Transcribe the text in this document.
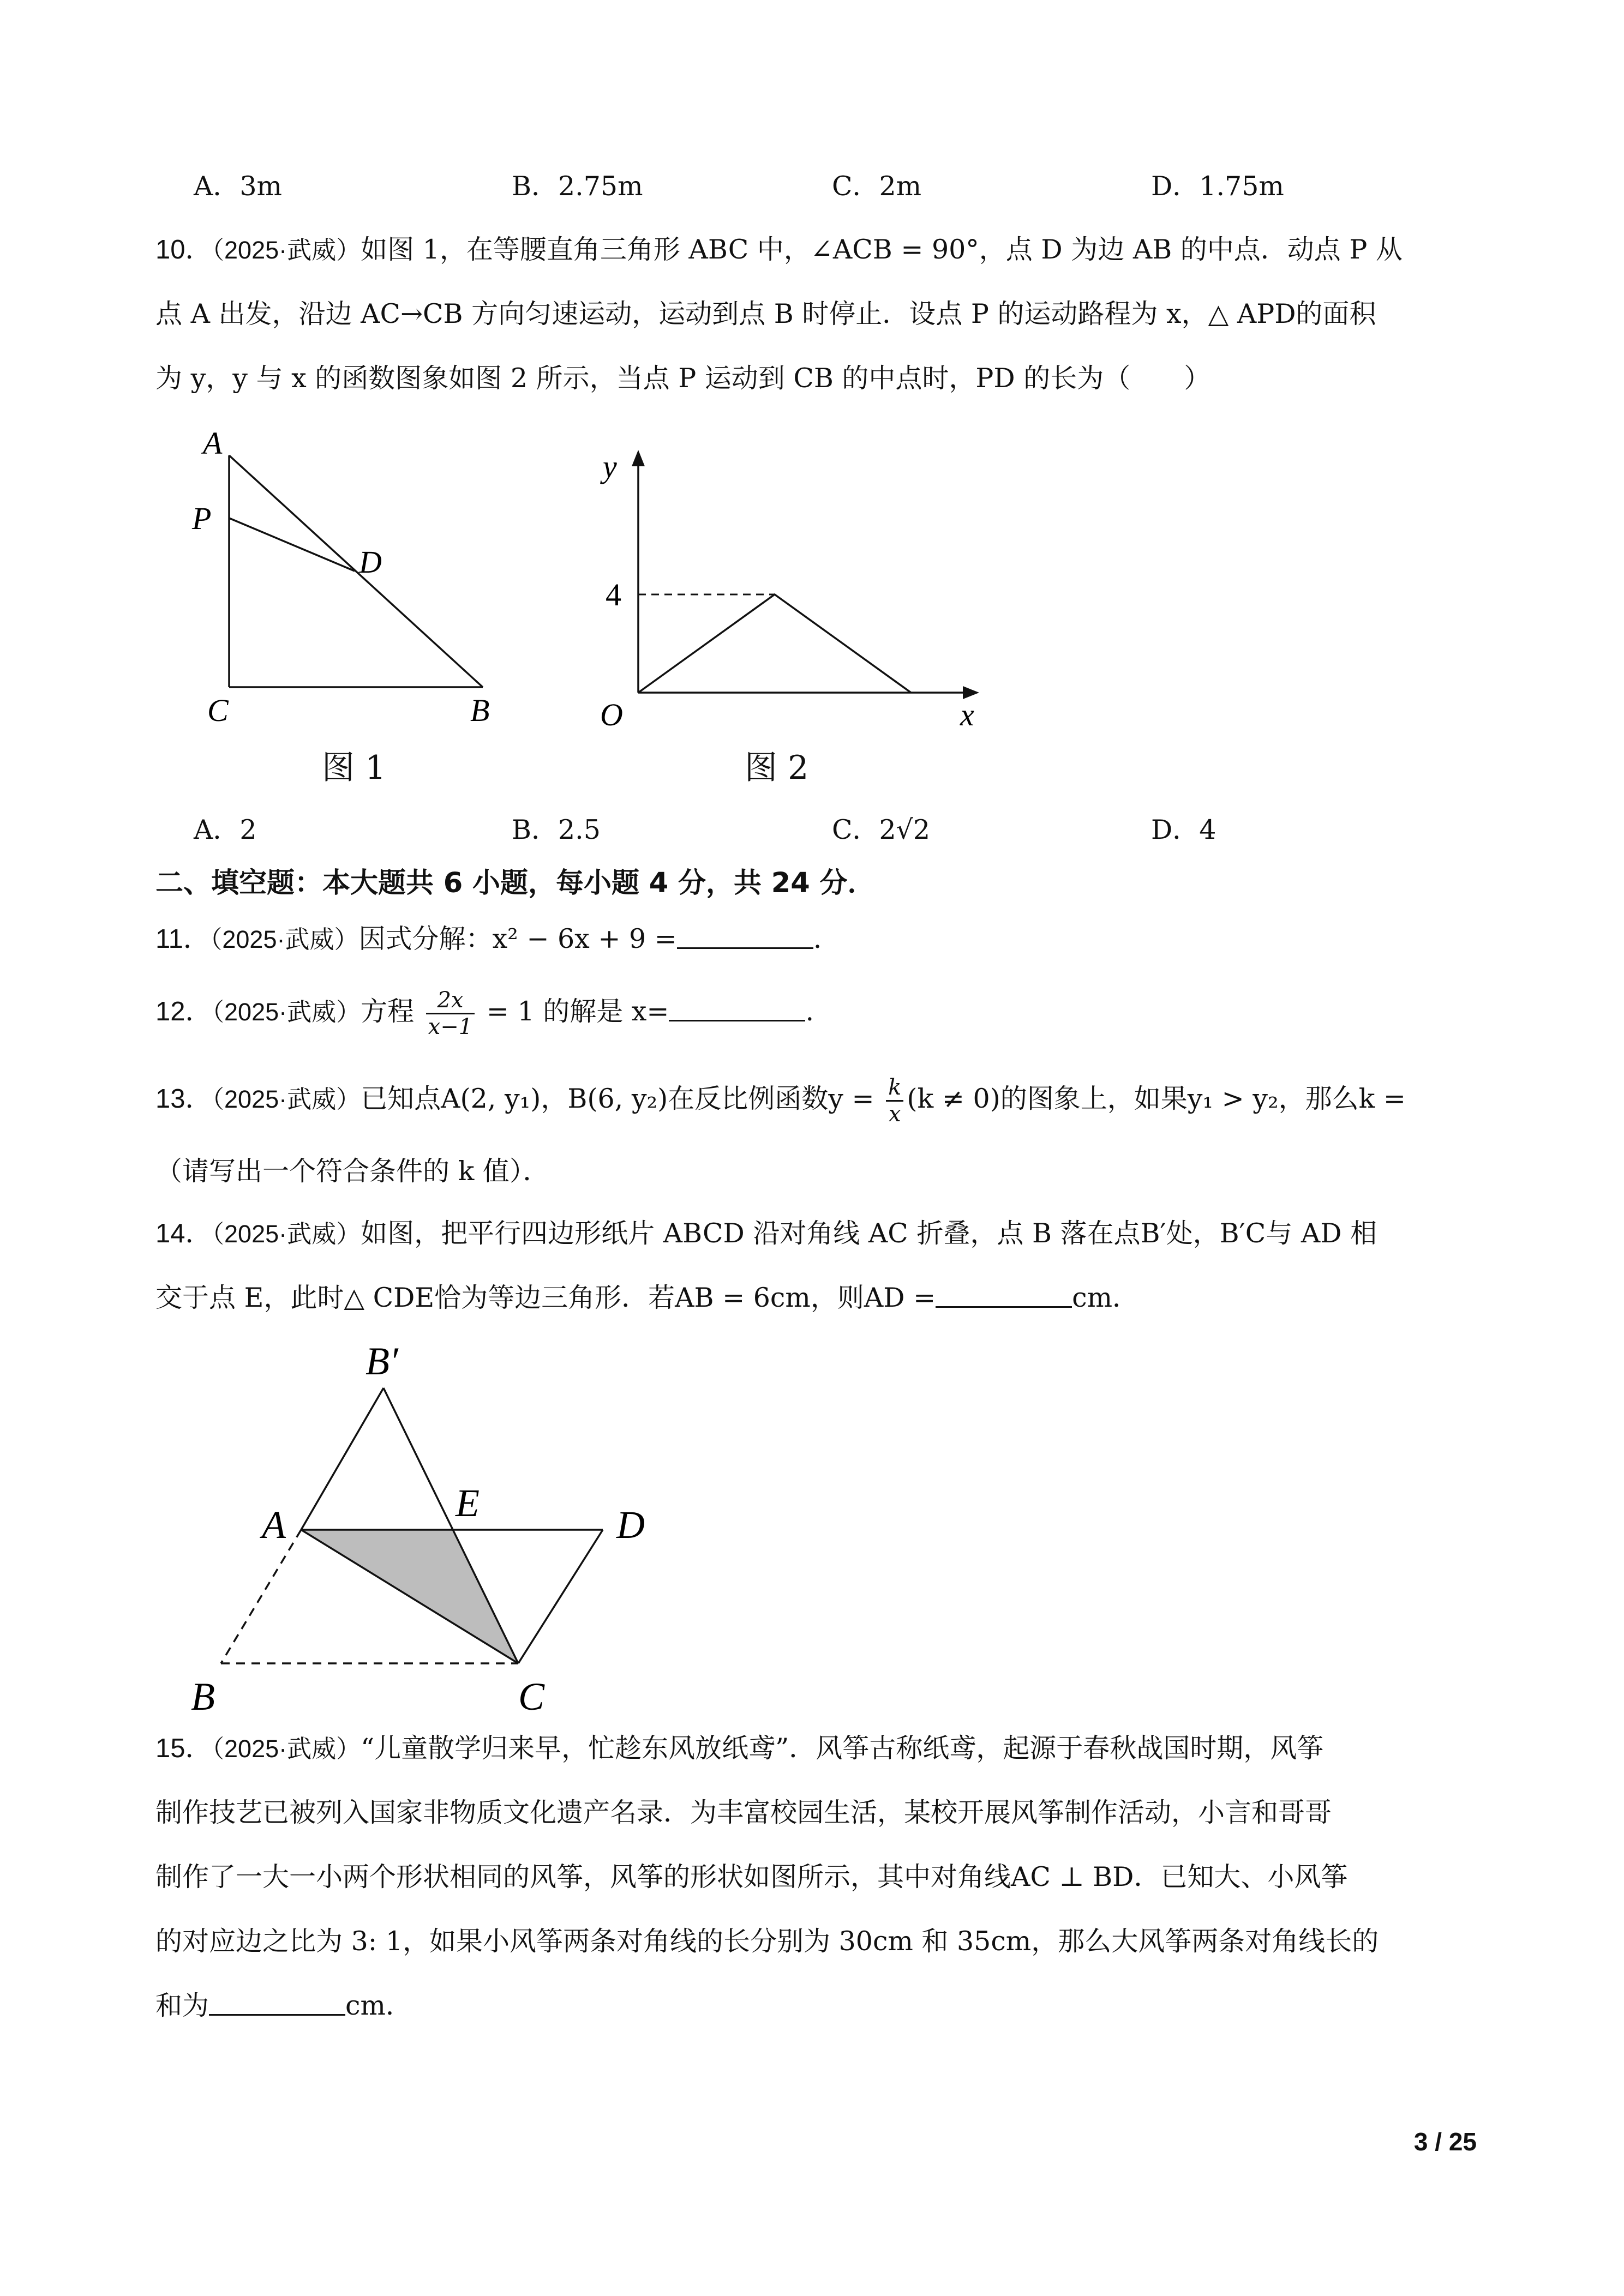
A．3m	B．2.75m	C．2m	D．1.75m
10．（2025·武威）如图 1，在等腰直角三角形 ABC 中，∠ACB = 90°，点 D 为边 AB 的中点．动点 P 从
点 A 出发，沿边 AC→CB 方向匀速运动，运动到点 B 时停止．设点 P 的运动路程为 x，△ APD的面积
为 y，y 与 x 的函数图象如图 2 所示，当点 P 运动到 CB 的中点时，PD 的长为（　　）
A
P
D
C	B
图 1
y
x
O
4
图 2
A．2	B．2.5	C．2√2	D．4
二、填空题：本大题共 6 小题，每小题 4 分，共 24 分．
11．（2025·武威）因式分解：x² − 6x + 9 =	.
12．（2025·武威）方程 $\frac{2x}{x-1} = 1$ 的解是 x=	.
13．（2025·武威）已知点A(2, y₁)，B(6, y₂)在反比例函数$y = \frac{k}{x} (k \ne 0)$的图象上，如果y₁ > y₂，那么k =
（请写出一个符合条件的 k 值）．
14．（2025·武威）如图，把平行四边形纸片 ABCD 沿对角线 AC 折叠，点 B 落在点B′处，B′C与 AD 相
交于点 E，此时△ CDE恰为等边三角形．若AB = 6cm，则AD =	cm．
B′
A	E	D
B	C
15．（2025·武威）“儿童散学归来早，忙趁东风放纸鸢”．风筝古称纸鸢，起源于春秋战国时期，风筝
制作技艺已被列入国家非物质文化遗产名录．为丰富校园生活，某校开展风筝制作活动，小言和哥哥
制作了一大一小两个形状相同的风筝，风筝的形状如图所示，其中对角线AC ⊥ BD．已知大、小风筝
的对应边之比为 3: 1，如果小风筝两条对角线的长分别为 30cm 和 35cm，那么大风筝两条对角线长的
和为	cm．
3 / 25
